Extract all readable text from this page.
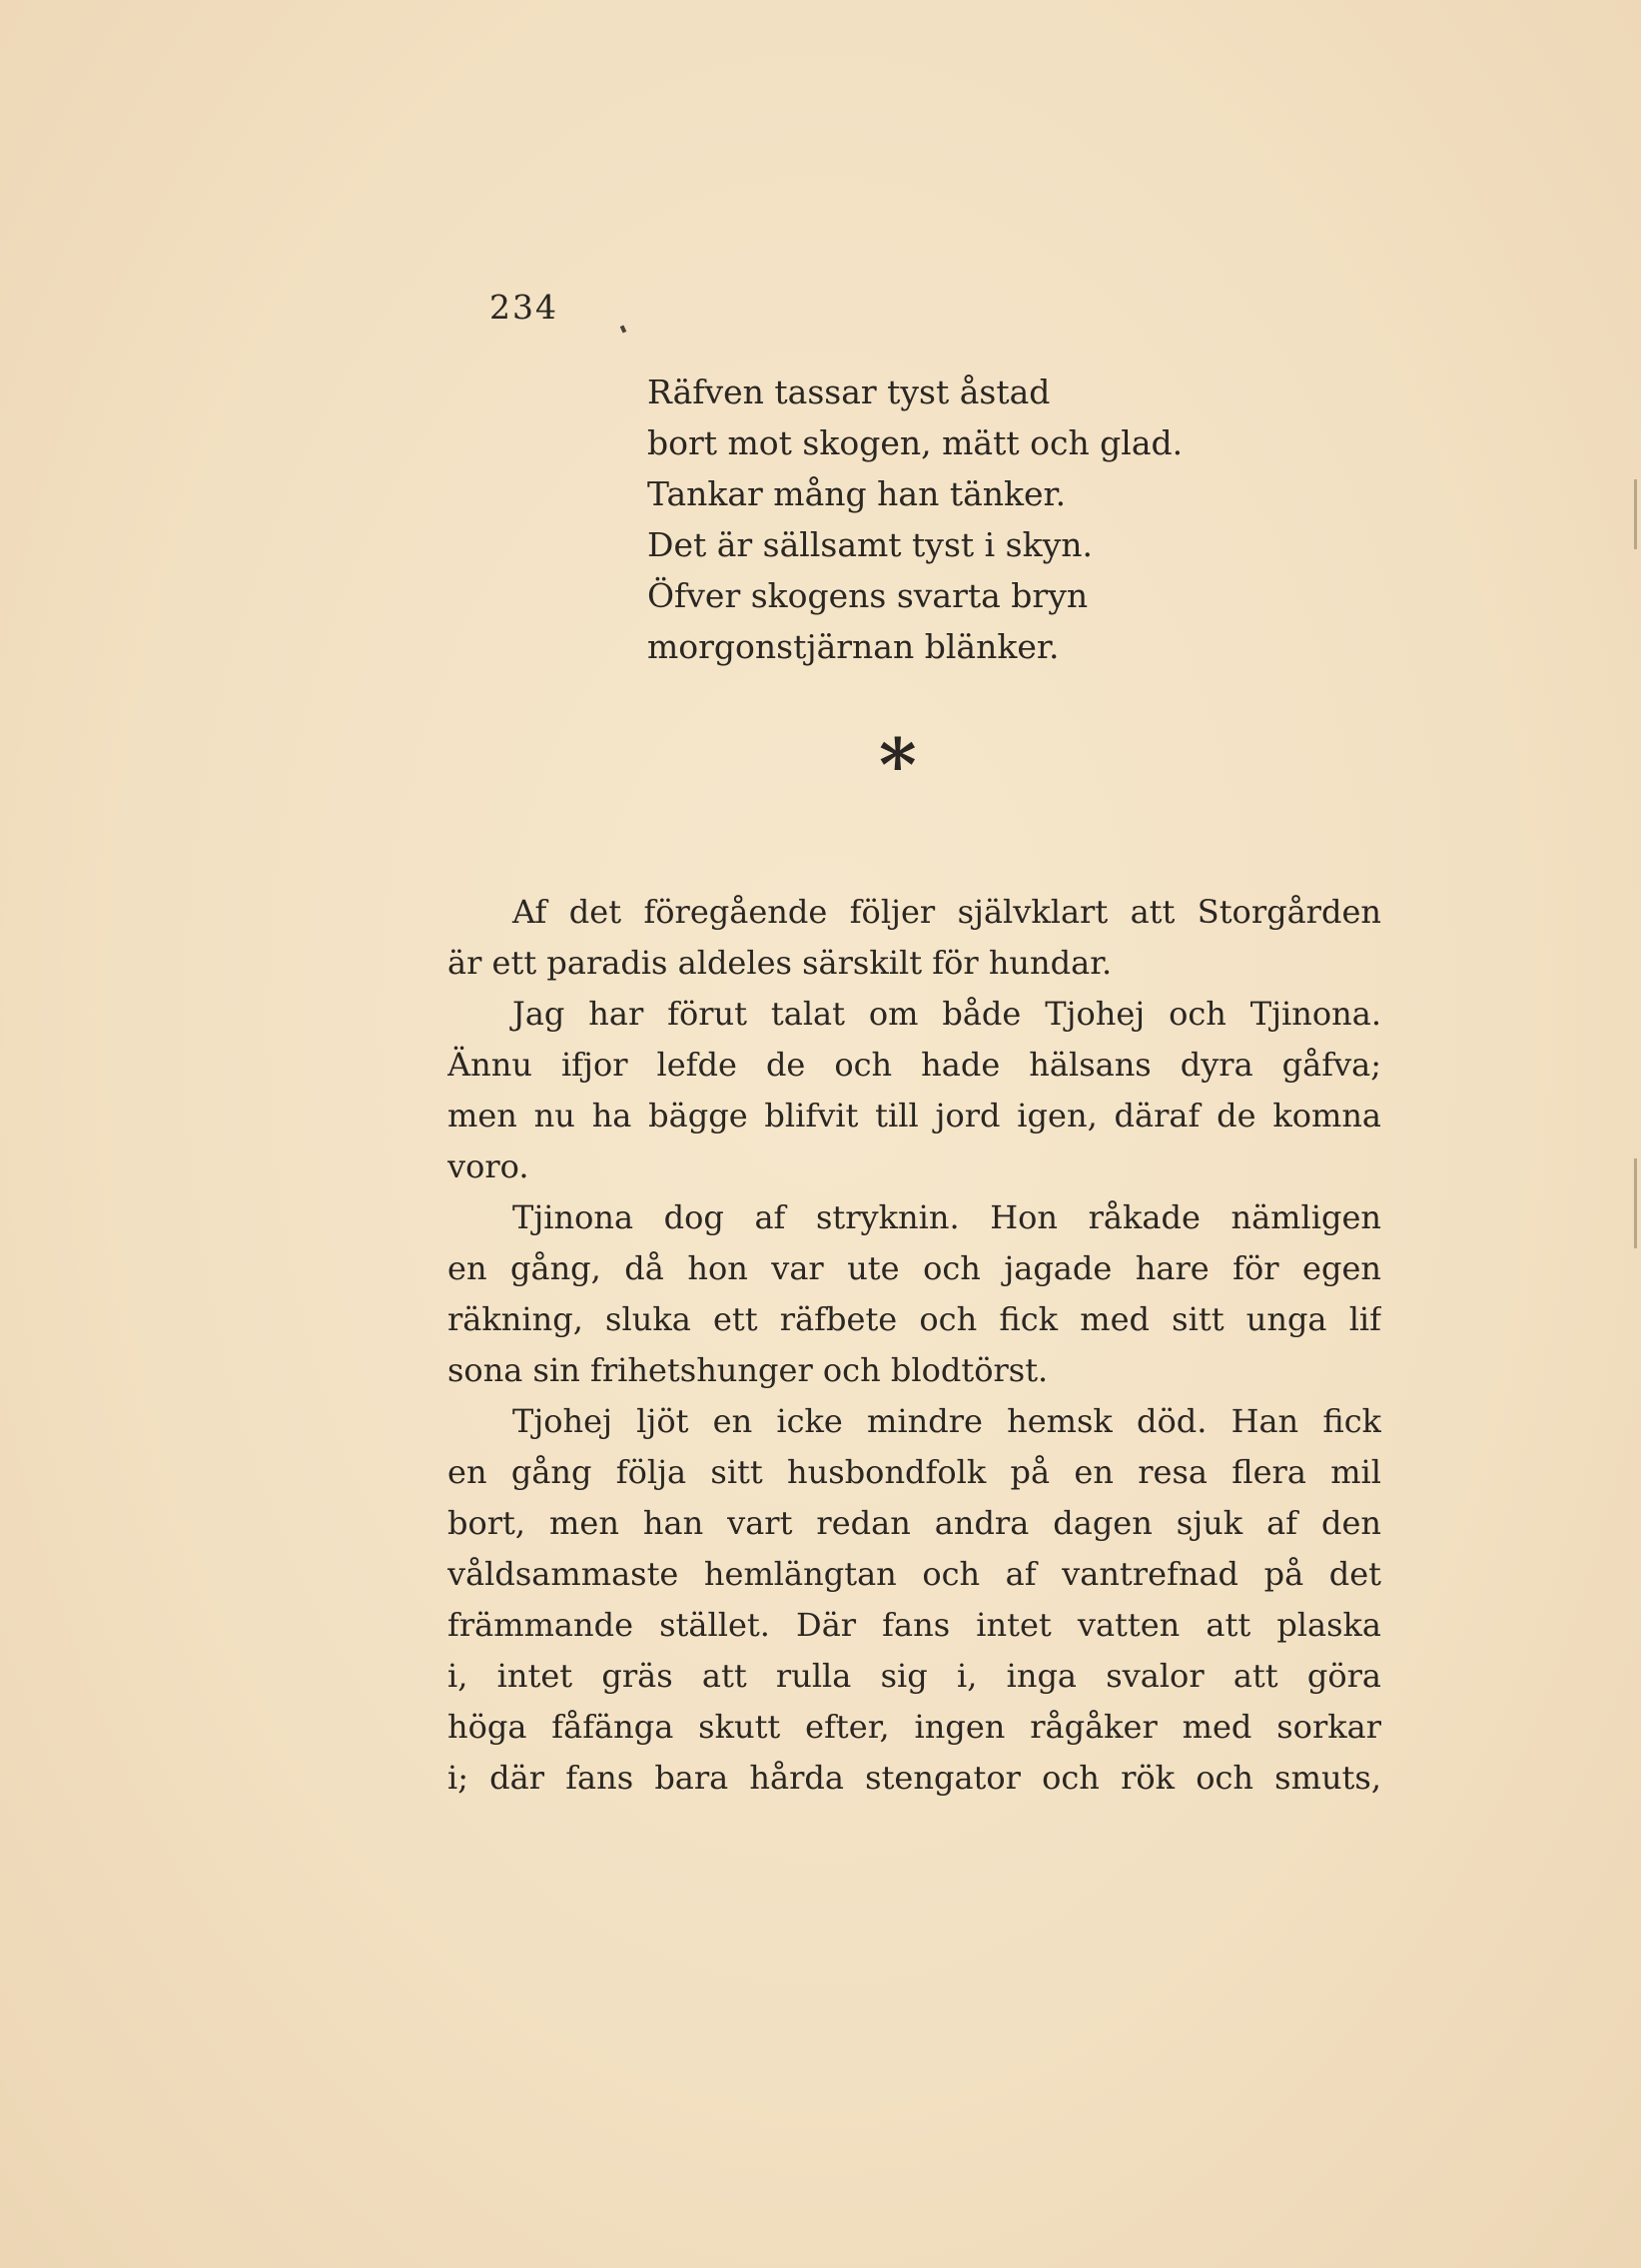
234
Räfven tassar tyst åstad
bort mot skogen, mätt och glad.
Tankar mång han tänker.
Det är sällsamt tyst i skyn.
Öfver skogens svarta bryn
morgonstjärnan blänker.
*
Af det föregående följer självklart att Storgården
är ett paradis aldeles särskilt för hundar.
Jag har förut talat om både Tjohej och Tjinona.
Ännu ifjor lefde de och hade hälsans dyra gåfva;
men nu ha bägge blifvit till jord igen, däraf de komna
voro.
Tjinona dog af stryknin. Hon råkade nämligen
en gång, då hon var ute och jagade hare för egen
räkning, sluka ett räfbete och fick med sitt unga lif
sona sin frihetshunger och blodtörst.
Tjohej ljöt en icke mindre hemsk död. Han fick
en gång följa sitt husbondfolk på en resa flera mil
bort, men han vart redan andra dagen sjuk af den
våldsammaste hemlängtan och af vantrefnad på det
främmande stället. Där fans intet vatten att plaska
i, intet gräs att rulla sig i, inga svalor att göra
höga fåfänga skutt efter, ingen rågåker med sorkar
i; där fans bara hårda stengator och rök och smuts,
